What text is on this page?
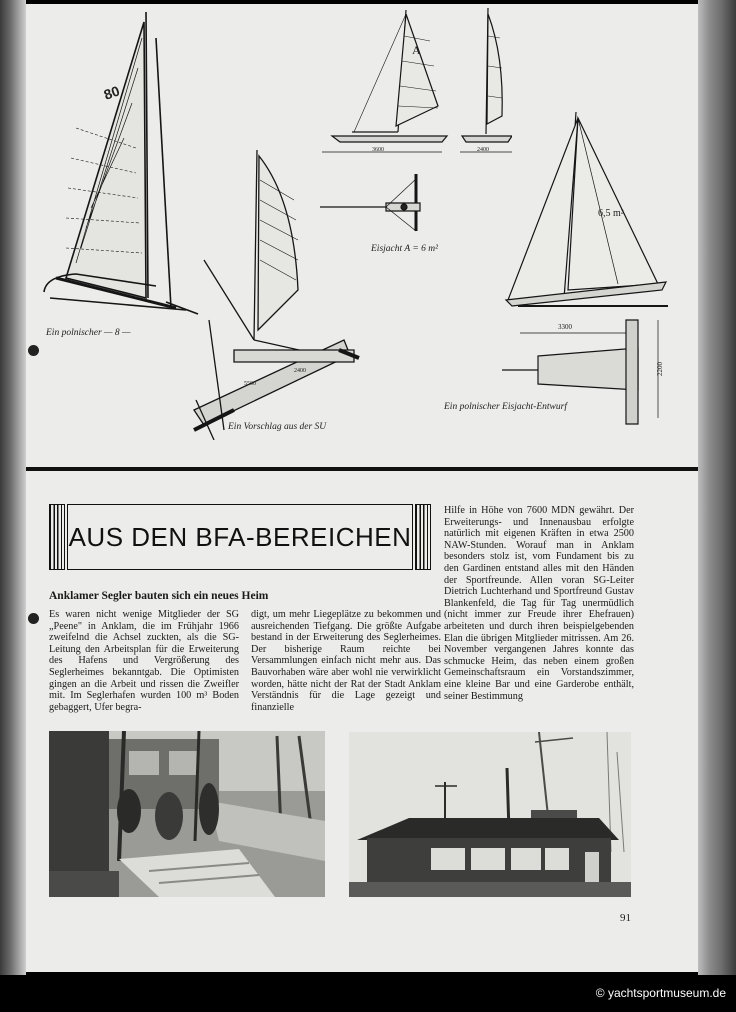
80
Ein polnischer — 8 —
5500
2400
Ein Vorschlag aus der SU
A
3600	2400
Eisjacht A = 6 m²
6,5 m²
3300
2200
Ein polnischer Eisjacht-Entwurf
AUS DEN BFA-BEREICHEN
Anklamer Segler bauten sich ein neues Heim

Es waren nicht wenige Mitglieder der SG „Peene" in Anklam, die im Frühjahr 1966 zweifelnd die Achsel zuckten, als die SG-Leitung den Arbeitsplan für die Erweiterung des Hafens und Vergrößerung des Seglerheimes bekanntgab. Die Optimisten gingen an die Arbeit und rissen die Zweifler mit. Im Seglerhafen wurden 100 m³ Boden gebaggert, Ufer begra-

digt, um mehr Liegeplätze zu bekommen und ausreichenden Tiefgang. Die größte Aufgabe bestand in der Erweiterung des Seglerheimes. Der bisherige Raum reichte bei Versammlungen einfach nicht mehr aus. Das Bauvorhaben wäre aber wohl nie verwirklicht worden, hätte nicht der Rat der Stadt Anklam Verständnis für die Lage gezeigt und finanzielle

Hilfe in Höhe von 7600 MDN gewährt. Der Erweiterungs- und Innenausbau erfolgte natürlich mit eigenen Kräften in etwa 2500 NAW-Stunden. Worauf man in Anklam besonders stolz ist, vom Fundament bis zu den Gardinen entstand alles mit den Händen der Sportfreunde. Allen voran SG-Leiter Dietrich Luchterhand und Sportfreund Gustav Blankenfeld, die Tag für Tag unermüdlich (nicht immer zur Freude ihrer Ehefrauen) arbeiteten und durch ihren beispielgebenden Elan die übrigen Mitglieder mitrissen. Am 26. November vergangenen Jahres konnte das schmucke Heim, das neben einem großen Gemeinschaftsraum ein Vorstandszimmer, eine kleine Bar und eine Garderobe enthält, seiner Bestimmung

91
© yachtsportmuseum.de
